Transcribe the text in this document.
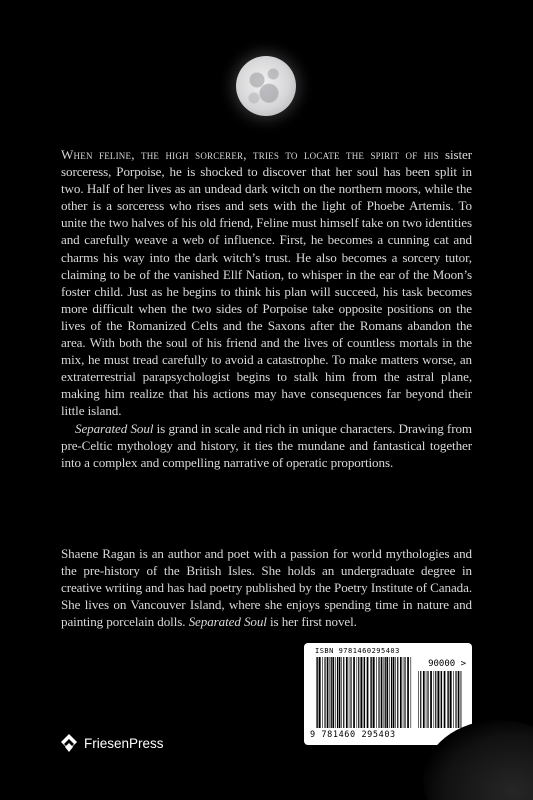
When feline, the high sorcerer, tries to locate the spirit of his sister sorceress, Porpoise, he is shocked to discover that her soul has been split in two. Half of her lives as an undead dark witch on the northern moors, while the other is a sorceress who rises and sets with the light of Phoebe Artemis. To unite the two halves of his old friend, Feline must himself take on two identities and carefully weave a web of influence. First, he becomes a cunning cat and charms his way into the dark witch’s trust. He also becomes a sorcery tutor, claiming to be of the vanished Ellf Nation, to whisper in the ear of the Moon’s foster child. Just as he begins to think his plan will succeed, his task becomes more difficult when the two sides of Porpoise take opposite positions on the lives of the Romanized Celts and the Saxons after the Romans abandon the area. With both the soul of his friend and the lives of countless mortals in the mix, he must tread carefully to avoid a catastrophe. To make matters worse, an extraterrestrial parapsychologist begins to stalk him from the astral plane, making him realize that his actions may have consequences far beyond their little island.

Separated Soul is grand in scale and rich in unique characters. Drawing from pre-Celtic mythology and history, it ties the mundane and fantastical together into a complex and compelling narrative of operatic proportions.

Shaene Ragan is an author and poet with a passion for world mythologies and the pre-history of the British Isles. She holds an undergraduate degree in creative writing and has had poetry published by the Poetry Institute of Canada. She lives on Vancouver Island, where she enjoys spending time in nature and painting porcelain dolls. Separated Soul is her first novel.

ISBN 9781460295403
90000 >
9 781460 295403
FriesenPress
